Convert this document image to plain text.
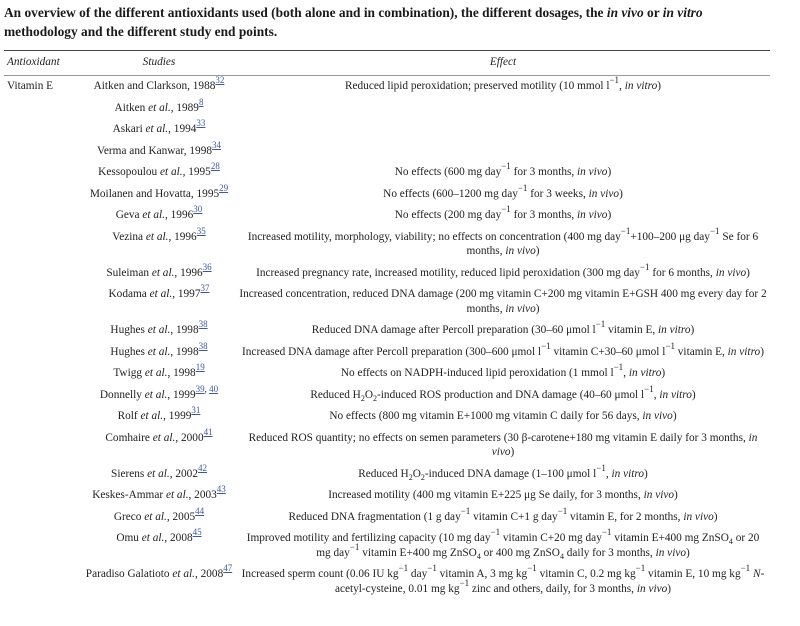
An overview of the different antioxidants used (both alone and in combination), the different dosages, the in vivo or in vitro methodology and the different study end points.
Antioxidant	Studies	Effect
Vitamin E	Aitken and Clarkson, 1988$^{32}$	Reduced lipid peroxidation; preserved motility (10 mmol $l^{-1}$, in vitro)
	Aitken et al., 1989$^8$	
	Askari et al., 1994$^{33}$	
	Verma and Kanwar, 1998$^{34}$	
	Kessopoulou et al., 1995$^{28}$	No effects (600 mg day$^{-1}$ for 3 months, in vivo)
	Moilanen and Hovatta, 1995$^{29}$	No effects (600–1200 mg day$^{-1}$ for 3 weeks, in vivo)
	Geva et al., 1996$^{30}$	No effects (200 mg day$^{-1}$ for 3 months, in vivo)
	Vezina et al., 1996$^{35}$	Increased motility, morphology, viability; no effects on concentration (400 mg day$^{-1}$+100–200 μg day$^{-1}$ Se for 6 months, in vivo)
	Suleiman et al., 1996$^{36}$	Increased pregnancy rate, increased motility, reduced lipid peroxidation (300 mg day$^{-1}$ for 6 months, in vivo)
	Kodama et al., 1997$^{37}$	Increased concentration, reduced DNA damage (200 mg vitamin C+200 mg vitamin E+GSH 400 mg every day for 2 months, in vivo)
	Hughes et al., 1998$^{38}$	Reduced DNA damage after Percoll preparation (30–60 μmol $l^{-1}$ vitamin E, in vitro)
	Hughes et al., 1998$^{38}$	Increased DNA damage after Percoll preparation (300–600 μmol $l^{-1}$ vitamin C+30–60 μmol $l^{-1}$ vitamin E, in vitro)
	Twigg et al., 1998$^{19}$	No effects on NADPH-induced lipid peroxidation (1 mmol $l^{-1}$, in vitro)
	Donnelly et al., 1999$^{39, 40}$	Reduced $H_2O_2$-induced ROS production and DNA damage (40–60 μmol $l^{-1}$, in vitro)
	Rolf et al., 1999$^{31}$	No effects (800 mg vitamin E+1000 mg vitamin C daily for 56 days, in vivo)
	Comhaire et al., 2000$^{41}$	Reduced ROS quantity; no effects on semen parameters (30 β-carotene+180 mg vitamin E daily for 3 months, in vivo)
	Sierens et al., 2002$^{42}$	Reduced $H_2O_2$-induced DNA damage (1–100 μmol $l^{-1}$, in vitro)
	Keskes-Ammar et al., 2003$^{43}$	Increased motility (400 mg vitamin E+225 μg Se daily, for 3 months, in vivo)
	Greco et al., 2005$^{44}$	Reduced DNA fragmentation (1 g day$^{-1}$ vitamin C+1 g day$^{-1}$ vitamin E, for 2 months, in vivo)
	Omu et al., 2008$^{45}$	Improved motility and fertilizing capacity (10 mg day$^{-1}$ vitamin C+20 mg day$^{-1}$ vitamin E+400 mg ZnSO$_4$ or 20 mg day$^{-1}$ vitamin E+400 mg ZnSO$_4$ or 400 mg ZnSO$_4$ daily for 3 months, in vivo)
	Paradiso Galatioto et al., 2008$^{47}$	Increased sperm count (0.06 IU $kg^{-1}$ day$^{-1}$ vitamin A, 3 mg $kg^{-1}$ vitamin C, 0.2 mg $kg^{-1}$ vitamin E, 10 mg $kg^{-1}$ N-acetyl-cysteine, 0.01 mg $kg^{-1}$ zinc and others, daily, for 3 months, in vivo)
